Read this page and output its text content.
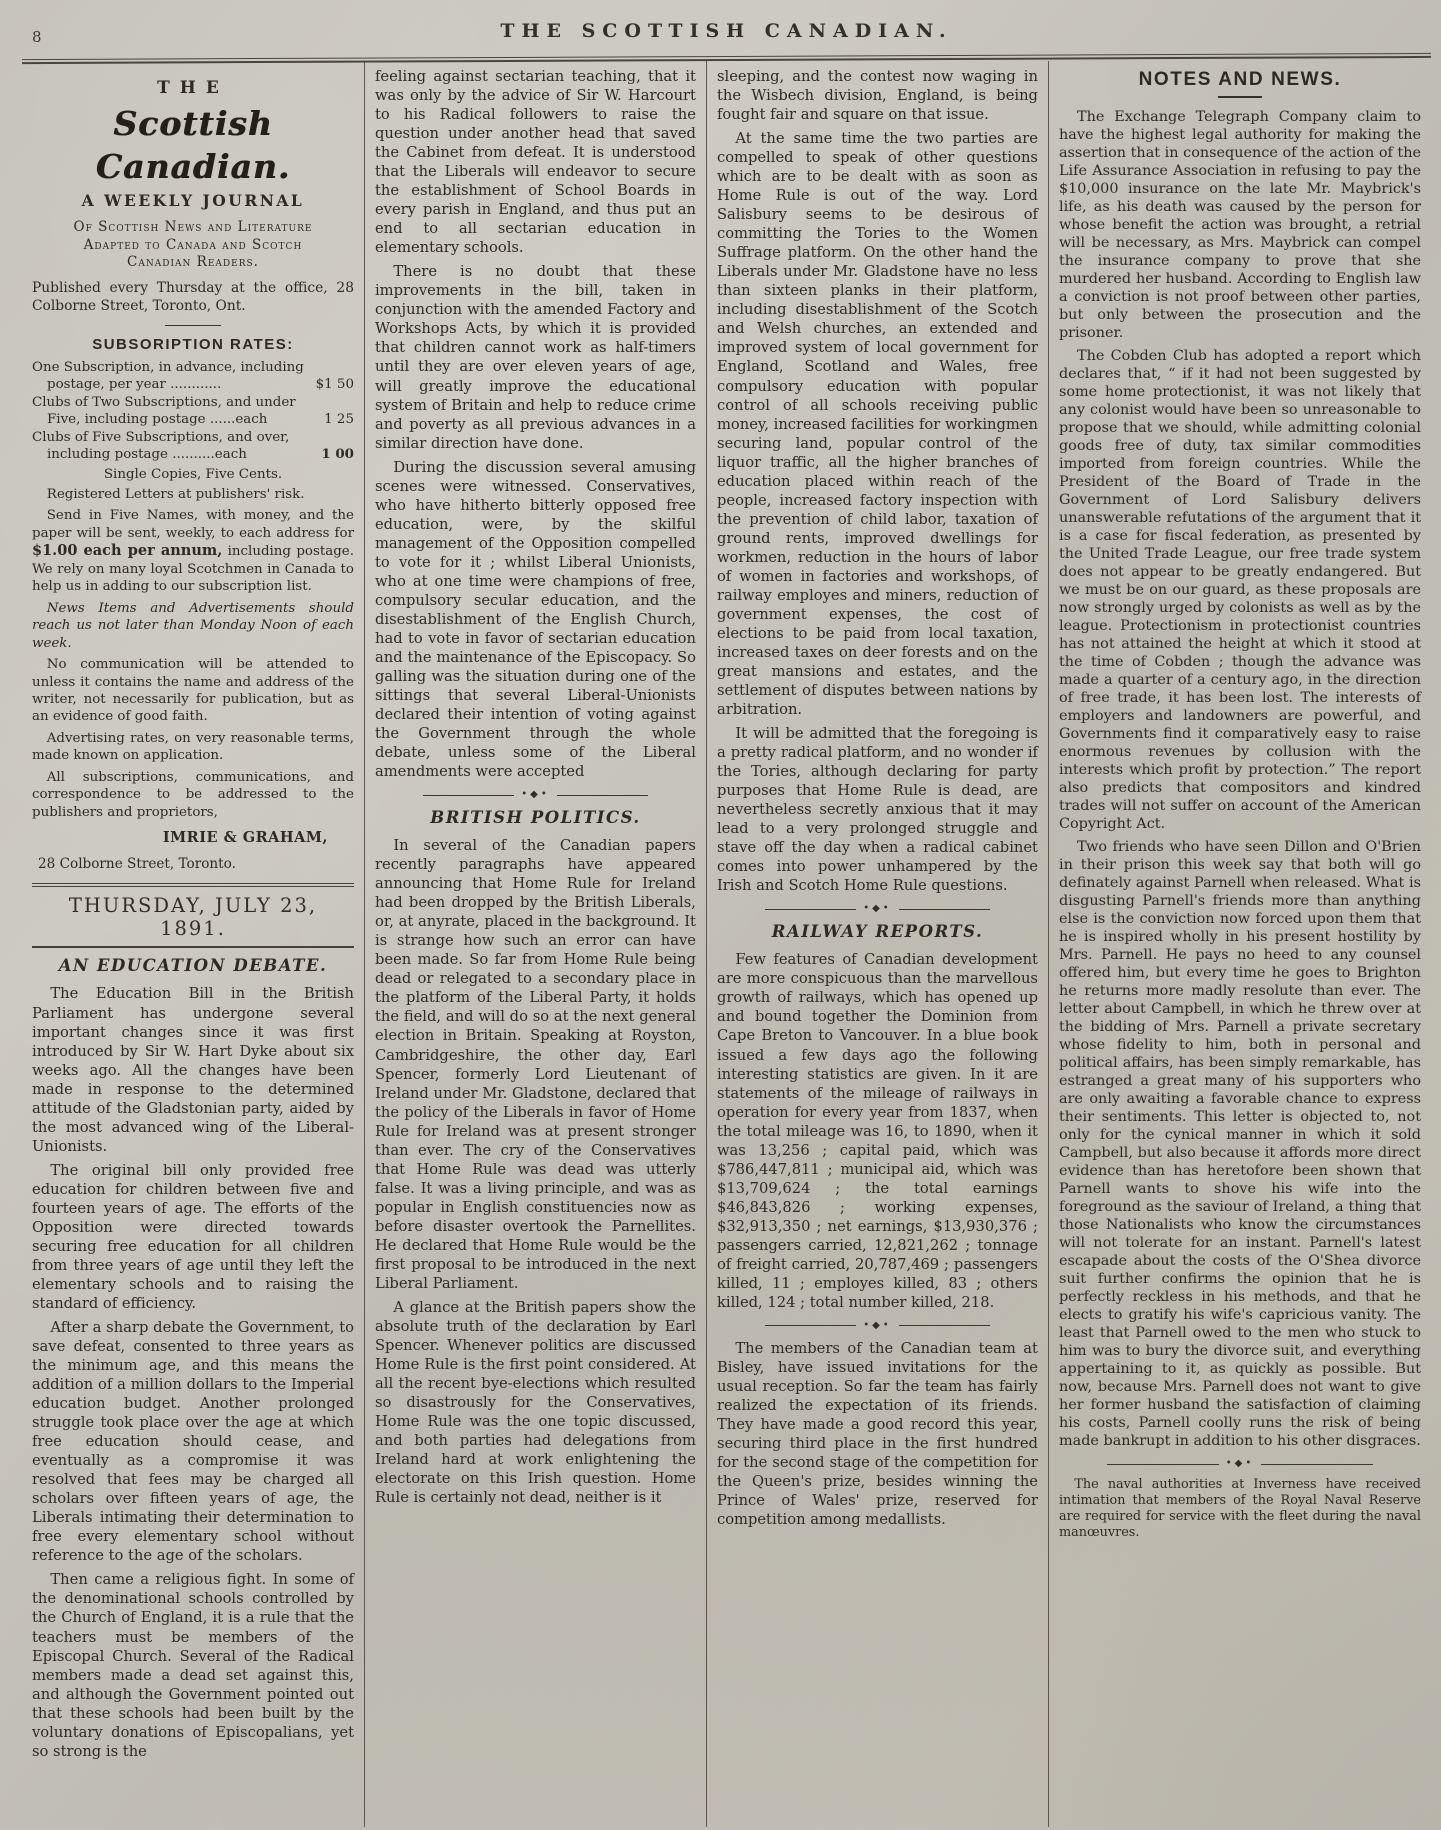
8	THE SCOTTISH CANADIAN.
THE
Scottish Canadian.
A WEEKLY JOURNAL
Of Scottish News and Literature
Adapted to Canada and Scotch
Canadian Readers.

Published every Thursday at the office, 28 Colborne Street, Toronto, Ont.

SUBSORIPTION RATES:
One Subscription, in advance, including postage, per year ............	$1 50
Clubs of Two Subscriptions, and under Five, including postage ......each	1 25
Clubs of Five Subscriptions, and over, including postage ..........each	1 00
Single Copies, Five Cents.
Registered Letters at publishers' risk.

Send in Five Names, with money, and the paper will be sent, weekly, to each address for $1.00 each per annum, including postage. We rely on many loyal Scotchmen in Canada to help us in adding to our subscription list.

News Items and Advertisements should reach us not later than Monday Noon of each week.

No communication will be attended to unless it contains the name and address of the writer, not necessarily for publication, but as an evidence of good faith.

Advertising rates, on very reasonable terms, made known on application.

All subscriptions, communications, and correspondence to be addressed to the publishers and proprietors,

IMRIE & GRAHAM,
28 Colborne Street, Toronto.
THURSDAY, JULY 23, 1891.
AN EDUCATION DEBATE.

The Education Bill in the British Parliament has undergone several important changes since it was first introduced by Sir W. Hart Dyke about six weeks ago. All the changes have been made in response to the determined attitude of the Gladstonian party, aided by the most advanced wing of the Liberal-Unionists.

The original bill only provided free education for children between five and fourteen years of age. The efforts of the Opposition were directed towards securing free education for all children from three years of age until they left the elementary schools and to raising the standard of efficiency.

After a sharp debate the Government, to save defeat, consented to three years as the minimum age, and this means the addition of a million dollars to the Imperial education budget. Another prolonged struggle took place over the age at which free education should cease, and eventually as a compromise it was resolved that fees may be charged all scholars over fifteen years of age, the Liberals intimating their determination to free every elementary school without reference to the age of the scholars.

Then came a religious fight. In some of the denominational schools controlled by the Church of England, it is a rule that the teachers must be members of the Episcopal Church. Several of the Radical members made a dead set against this, and although the Government pointed out that these schools had been built by the voluntary donations of Episcopalians, yet so strong is the

feeling against sectarian teaching, that it was only by the advice of Sir W. Harcourt to his Radical followers to raise the question under another head that saved the Cabinet from defeat. It is understood that the Liberals will endeavor to secure the establishment of School Boards in every parish in England, and thus put an end to all sectarian education in elementary schools.

There is no doubt that these improvements in the bill, taken in conjunction with the amended Factory and Workshops Acts, by which it is provided that children cannot work as half-timers until they are over eleven years of age, will greatly improve the educational system of Britain and help to reduce crime and poverty as all previous advances in a similar direction have done.

During the discussion several amusing scenes were witnessed. Conservatives, who have hitherto bitterly opposed free education, were, by the skilful management of the Opposition compelled to vote for it ; whilst Liberal Unionists, who at one time were champions of free, compulsory secular education, and the disestablishment of the English Church, had to vote in favor of sectarian education and the maintenance of the Episcopacy. So galling was the situation during one of the sittings that several Liberal-Unionists declared their intention of voting against the Government through the whole debate, unless some of the Liberal amendments were accepted

•◆•
BRITISH POLITICS.

In several of the Canadian papers recently paragraphs have appeared announcing that Home Rule for Ireland had been dropped by the British Liberals, or, at anyrate, placed in the background. It is strange how such an error can have been made. So far from Home Rule being dead or relegated to a secondary place in the platform of the Liberal Party, it holds the field, and will do so at the next general election in Britain. Speaking at Royston, Cambridgeshire, the other day, Earl Spencer, formerly Lord Lieutenant of Ireland under Mr. Gladstone, declared that the policy of the Liberals in favor of Home Rule for Ireland was at present stronger than ever. The cry of the Conservatives that Home Rule was dead was utterly false. It was a living principle, and was as popular in English constituencies now as before disaster overtook the Parnellites. He declared that Home Rule would be the first proposal to be introduced in the next Liberal Parliament.

A glance at the British papers show the absolute truth of the declaration by Earl Spencer. Whenever politics are discussed Home Rule is the first point considered. At all the recent bye-elections which resulted so disastrously for the Conservatives, Home Rule was the one topic discussed, and both parties had delegations from Ireland hard at work enlightening the electorate on this Irish question. Home Rule is certainly not dead, neither is it

sleeping, and the contest now waging in the Wisbech division, England, is being fought fair and square on that issue.

At the same time the two parties are compelled to speak of other questions which are to be dealt with as soon as Home Rule is out of the way. Lord Salisbury seems to be desirous of committing the Tories to the Women Suffrage platform. On the other hand the Liberals under Mr. Gladstone have no less than sixteen planks in their platform, including disestablishment of the Scotch and Welsh churches, an extended and improved system of local government for England, Scotland and Wales, free compulsory education with popular control of all schools receiving public money, increased facilities for workingmen securing land, popular control of the liquor traffic, all the higher branches of education placed within reach of the people, increased factory inspection with the prevention of child labor, taxation of ground rents, improved dwellings for workmen, reduction in the hours of labor of women in factories and workshops, of railway employes and miners, reduction of government expenses, the cost of elections to be paid from local taxation, increased taxes on deer forests and on the great mansions and estates, and the settlement of disputes between nations by arbitration.

It will be admitted that the foregoing is a pretty radical platform, and no wonder if the Tories, although declaring for party purposes that Home Rule is dead, are nevertheless secretly anxious that it may lead to a very prolonged struggle and stave off the day when a radical cabinet comes into power unhampered by the Irish and Scotch Home Rule questions.

•◆•
RAILWAY REPORTS.

Few features of Canadian development are more conspicuous than the marvellous growth of railways, which has opened up and bound together the Dominion from Cape Breton to Vancouver. In a blue book issued a few days ago the following interesting statistics are given. In it are statements of the mileage of railways in operation for every year from 1837, when the total mileage was 16, to 1890, when it was 13,256 ; capital paid, which was $786,447,811 ; municipal aid, which was $13,709,624 ; the total earnings $46,843,826 ; working expenses, $32,913,350 ; net earnings, $13,930,376 ; passengers carried, 12,821,262 ; tonnage of freight carried, 20,787,469 ; passengers killed, 11 ; employes killed, 83 ; others killed, 124 ; total number killed, 218.

•◆•

The members of the Canadian team at Bisley, have issued invitations for the usual reception. So far the team has fairly realized the expectation of its friends. They have made a good record this year, securing third place in the first hundred for the second stage of the competition for the Queen's prize, besides winning the Prince of Wales' prize, reserved for competition among medallists.

NOTES AND NEWS.

The Exchange Telegraph Company claim to have the highest legal authority for making the assertion that in consequence of the action of the Life Assurance Association in refusing to pay the $10,000 insurance on the late Mr. Maybrick's life, as his death was caused by the person for whose benefit the action was brought, a retrial will be necessary, as Mrs. Maybrick can compel the insurance company to prove that she murdered her husband. According to English law a conviction is not proof between other parties, but only between the prosecution and the prisoner.

The Cobden Club has adopted a report which declares that, “ if it had not been suggested by some home protectionist, it was not likely that any colonist would have been so unreasonable to propose that we should, while admitting colonial goods free of duty, tax similar commodities imported from foreign countries. While the President of the Board of Trade in the Government of Lord Salisbury delivers unanswerable refutations of the argument that it is a case for fiscal federation, as presented by the United Trade League, our free trade system does not appear to be greatly endangered. But we must be on our guard, as these proposals are now strongly urged by colonists as well as by the league. Protectionism in protectionist countries has not attained the height at which it stood at the time of Cobden ; though the advance was made a quarter of a century ago, in the direction of free trade, it has been lost. The interests of employers and landowners are powerful, and Governments find it comparatively easy to raise enormous revenues by collusion with the interests which profit by protection.” The report also predicts that compositors and kindred trades will not suffer on account of the American Copyright Act.

Two friends who have seen Dillon and O'Brien in their prison this week say that both will go definately against Parnell when released. What is disgusting Parnell's friends more than anything else is the conviction now forced upon them that he is inspired wholly in his present hostility by Mrs. Parnell. He pays no heed to any counsel offered him, but every time he goes to Brighton he returns more madly resolute than ever. The letter about Campbell, in which he threw over at the bidding of Mrs. Parnell a private secretary whose fidelity to him, both in personal and political affairs, has been simply remarkable, has estranged a great many of his supporters who are only awaiting a favorable chance to express their sentiments. This letter is objected to, not only for the cynical manner in which it sold Campbell, but also because it affords more direct evidence than has heretofore been shown that Parnell wants to shove his wife into the foreground as the saviour of Ireland, a thing that those Nationalists who know the circumstances will not tolerate for an instant. Parnell's latest escapade about the costs of the O'Shea divorce suit further confirms the opinion that he is perfectly reckless in his methods, and that he elects to gratify his wife's capricious vanity. The least that Parnell owed to the men who stuck to him was to bury the divorce suit, and everything appertaining to it, as quickly as possible. But now, because Mrs. Parnell does not want to give her former husband the satisfaction of claiming his costs, Parnell coolly runs the risk of being made bankrupt in addition to his other disgraces.

•◆•

The naval authorities at Inverness have received intimation that members of the Royal Naval Reserve are required for service with the fleet during the naval manœuvres.
